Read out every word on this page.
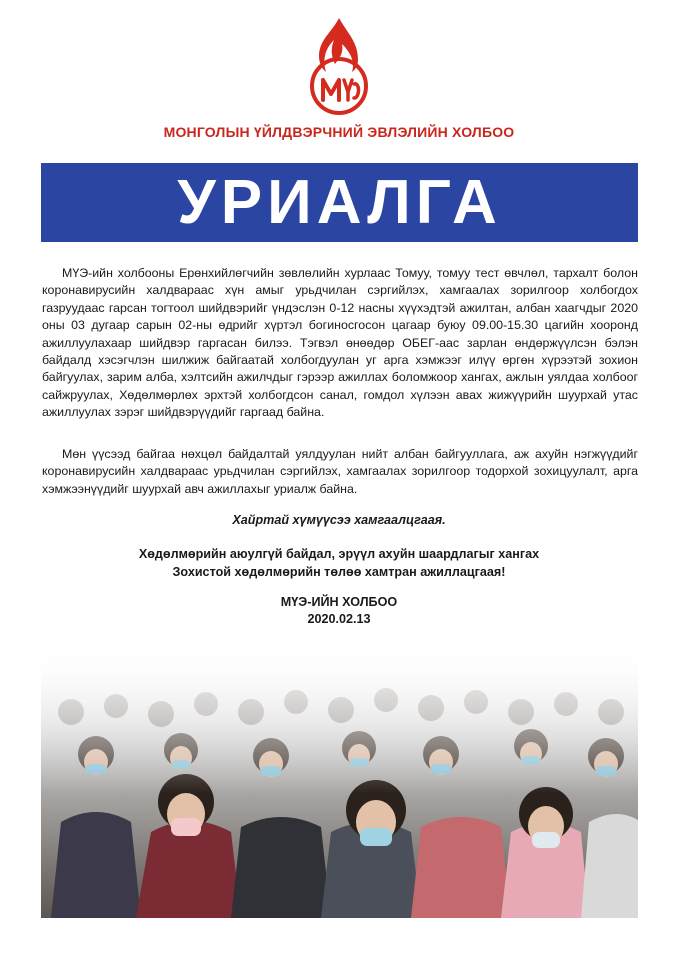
МОНГОЛЫН ҮЙЛДВЭРЧНИЙ ЭВЛЭЛИЙН ХОЛБОО
УРИАЛГА

МҮЭ-ийн холбооны Ерөнхийлөгчийн зөвлөлийн хурлаас Томуу, томуу тест өвчлөл, тархалт болон коронавирусийн халдвараас хүн амыг урьдчилан сэргийлэх, хамгаалах зорилгоор холбогдох газруудаас гарсан тогтоол шийдвэрийг үндэслэн 0-12 насны хүүхэдтэй ажилтан, албан хаагчдыг 2020 оны 03 дугаар сарын 02-ны өдрийг хүртэл богиносгосон цагаар буюу 09.00-15.30 цагийн хооронд ажиллуулахаар шийдвэр гаргасан билээ. Тэгвэл өнөөдөр ОБЕГ-аас зарлан өндөржүүлсэн бэлэн байдалд хэсэгчлэн шилжиж байгаатай холбогдуулан уг арга хэмжээг илүү өргөн хүрээтэй зохион байгуулах, зарим алба, хэлтсийн ажилчдыг гэрээр ажиллах боломжоор хангах, ажлын уялдаа холбоог сайжруулах, Хөдөлмөрлөх эрхтэй холбогдсон санал, гомдол хүлээн авах жижүүрийн шуурхай утас ажиллуулах зэрэг шийдвэрүүдийг гаргаад байна.

Мөн үүсээд байгаа нөхцөл байдалтай уялдуулан нийт албан байгууллага, аж ахуйн нэгжүүдийг коронавирусийн халдвараас урьдчилан сэргийлэх, хамгаалах зорилгоор тодорхой зохицуулалт, арга хэмжээнүүдийг шуурхай авч ажиллахыг уриалж байна.

Хайртай хүмүүсээ хамгаалцгаая.
Хөдөлмөрийн аюулгүй байдал, эрүүл ахуйн шаардлагыг хангах
Зохистой хөдөлмөрийн төлөө хамтран ажиллацгаая!
МҮЭ-ИЙН ХОЛБОО
2020.02.13
